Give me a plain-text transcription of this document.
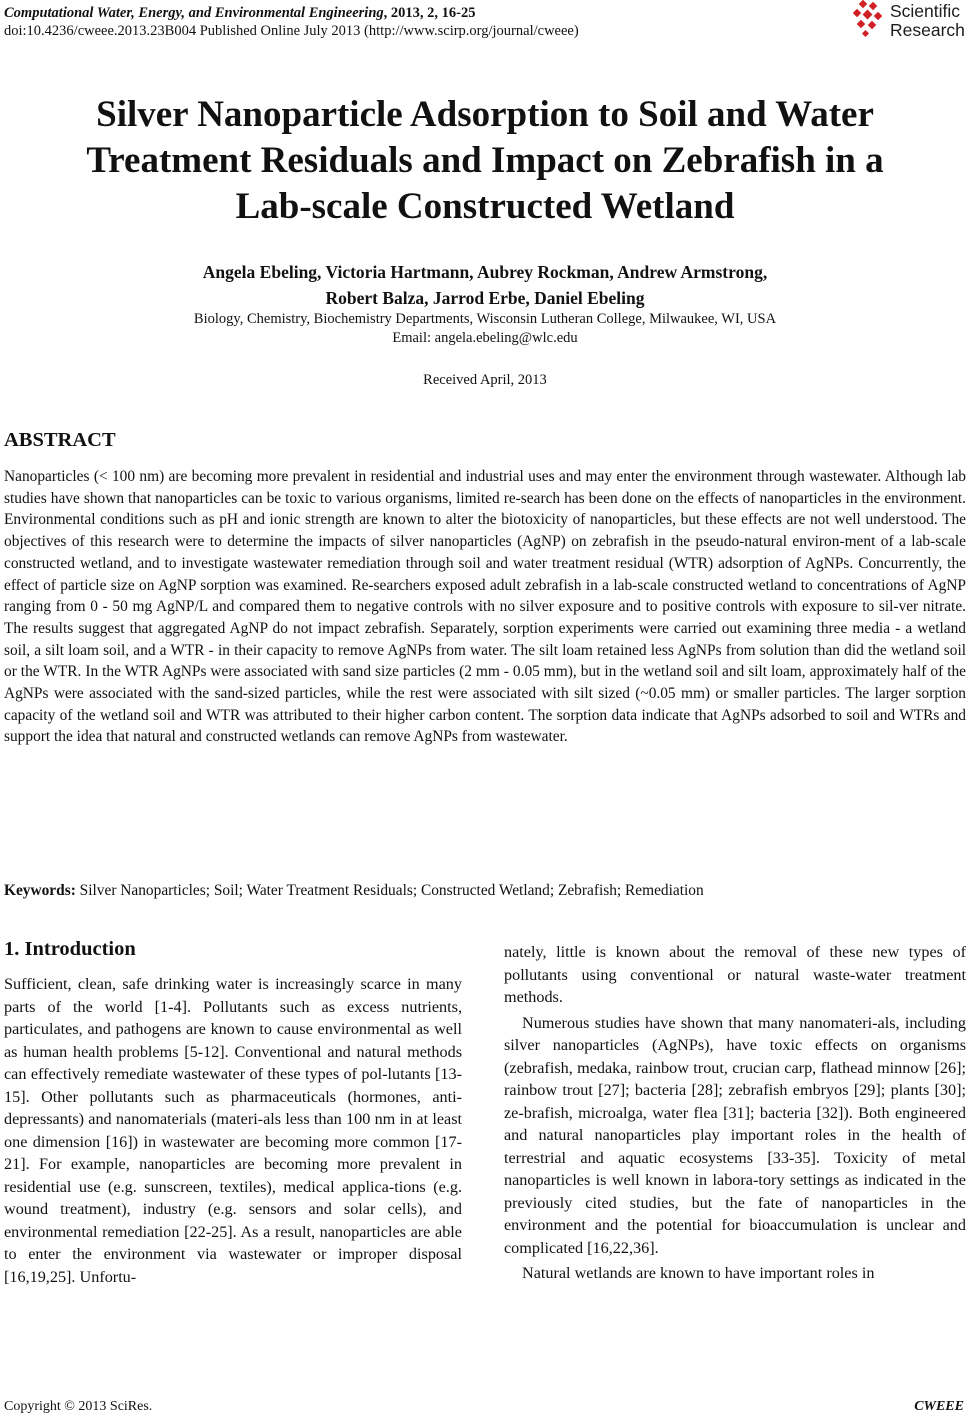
Computational Water, Energy, and Environmental Engineering, 2013, 2, 16-25
doi:10.4236/cweee.2013.23B004 Published Online July 2013 (http://www.scirp.org/journal/cweee)
Scientific
Research
Silver Nanoparticle Adsorption to Soil and Water
Treatment Residuals and Impact on Zebrafish in a
Lab-scale Constructed Wetland
Angela Ebeling, Victoria Hartmann, Aubrey Rockman, Andrew Armstrong,
Robert Balza, Jarrod Erbe, Daniel Ebeling
Biology, Chemistry, Biochemistry Departments, Wisconsin Lutheran College, Milwaukee, WI, USA
Email: angela.ebeling@wlc.edu
Received April, 2013
ABSTRACT
Nanoparticles (< 100 nm) are becoming more prevalent in residential and industrial uses and may enter the environment through wastewater. Although lab studies have shown that nanoparticles can be toxic to various organisms, limited re-search has been done on the effects of nanoparticles in the environment. Environmental conditions such as pH and ionic strength are known to alter the biotoxicity of nanoparticles, but these effects are not well understood. The objectives of this research were to determine the impacts of silver nanoparticles (AgNP) on zebrafish in the pseudo-natural environ-ment of a lab-scale constructed wetland, and to investigate wastewater remediation through soil and water treatment residual (WTR) adsorption of AgNPs. Concurrently, the effect of particle size on AgNP sorption was examined. Re-searchers exposed adult zebrafish in a lab-scale constructed wetland to concentrations of AgNP ranging from 0 - 50 mg AgNP/L and compared them to negative controls with no silver exposure and to positive controls with exposure to sil-ver nitrate. The results suggest that aggregated AgNP do not impact zebrafish. Separately, sorption experiments were carried out examining three media - a wetland soil, a silt loam soil, and a WTR - in their capacity to remove AgNPs from water. The silt loam retained less AgNPs from solution than did the wetland soil or the WTR. In the WTR AgNPs were associated with sand size particles (2 mm - 0.05 mm), but in the wetland soil and silt loam, approximately half of the AgNPs were associated with the sand-sized particles, while the rest were associated with silt sized (~0.05 mm) or smaller particles. The larger sorption capacity of the wetland soil and WTR was attributed to their higher carbon content. The sorption data indicate that AgNPs adsorbed to soil and WTRs and support the idea that natural and constructed wetlands can remove AgNPs from wastewater.
Keywords: Silver Nanoparticles; Soil; Water Treatment Residuals; Constructed Wetland; Zebrafish; Remediation
1. Introduction

Sufficient, clean, safe drinking water is increasingly scarce in many parts of the world [1-4]. Pollutants such as excess nutrients, particulates, and pathogens are known to cause environmental as well as human health problems [5-12]. Conventional and natural methods can effectively remediate wastewater of these types of pol-lutants [13-15]. Other pollutants such as pharmaceuticals (hormones, anti-depressants) and nanomaterials (materi-als less than 100 nm in at least one dimension [16]) in wastewater are becoming more common [17-21]. For example, nanoparticles are becoming more prevalent in residential use (e.g. sunscreen, textiles), medical applica-tions (e.g. wound treatment), industry (e.g. sensors and solar cells), and environmental remediation [22-25]. As a result, nanoparticles are able to enter the environment via wastewater or improper disposal [16,19,25]. Unfortu-

nately, little is known about the removal of these new types of pollutants using conventional or natural waste-water treatment methods.

Numerous studies have shown that many nanomateri-als, including silver nanoparticles (AgNPs), have toxic effects on organisms (zebrafish, medaka, rainbow trout, crucian carp, flathead minnow [26]; rainbow trout [27]; bacteria [28]; zebrafish embryos [29]; plants [30]; ze-brafish, microalga, water flea [31]; bacteria [32]). Both engineered and natural nanoparticles play important roles in the health of terrestrial and aquatic ecosystems [33-35]. Toxicity of metal nanoparticles is well known in labora-tory settings as indicated in the previously cited studies, but the fate of nanoparticles in the environment and the potential for bioaccumulation is unclear and complicated [16,22,36].

Natural wetlands are known to have important roles in

Copyright © 2013 SciRes.	CWEEE
